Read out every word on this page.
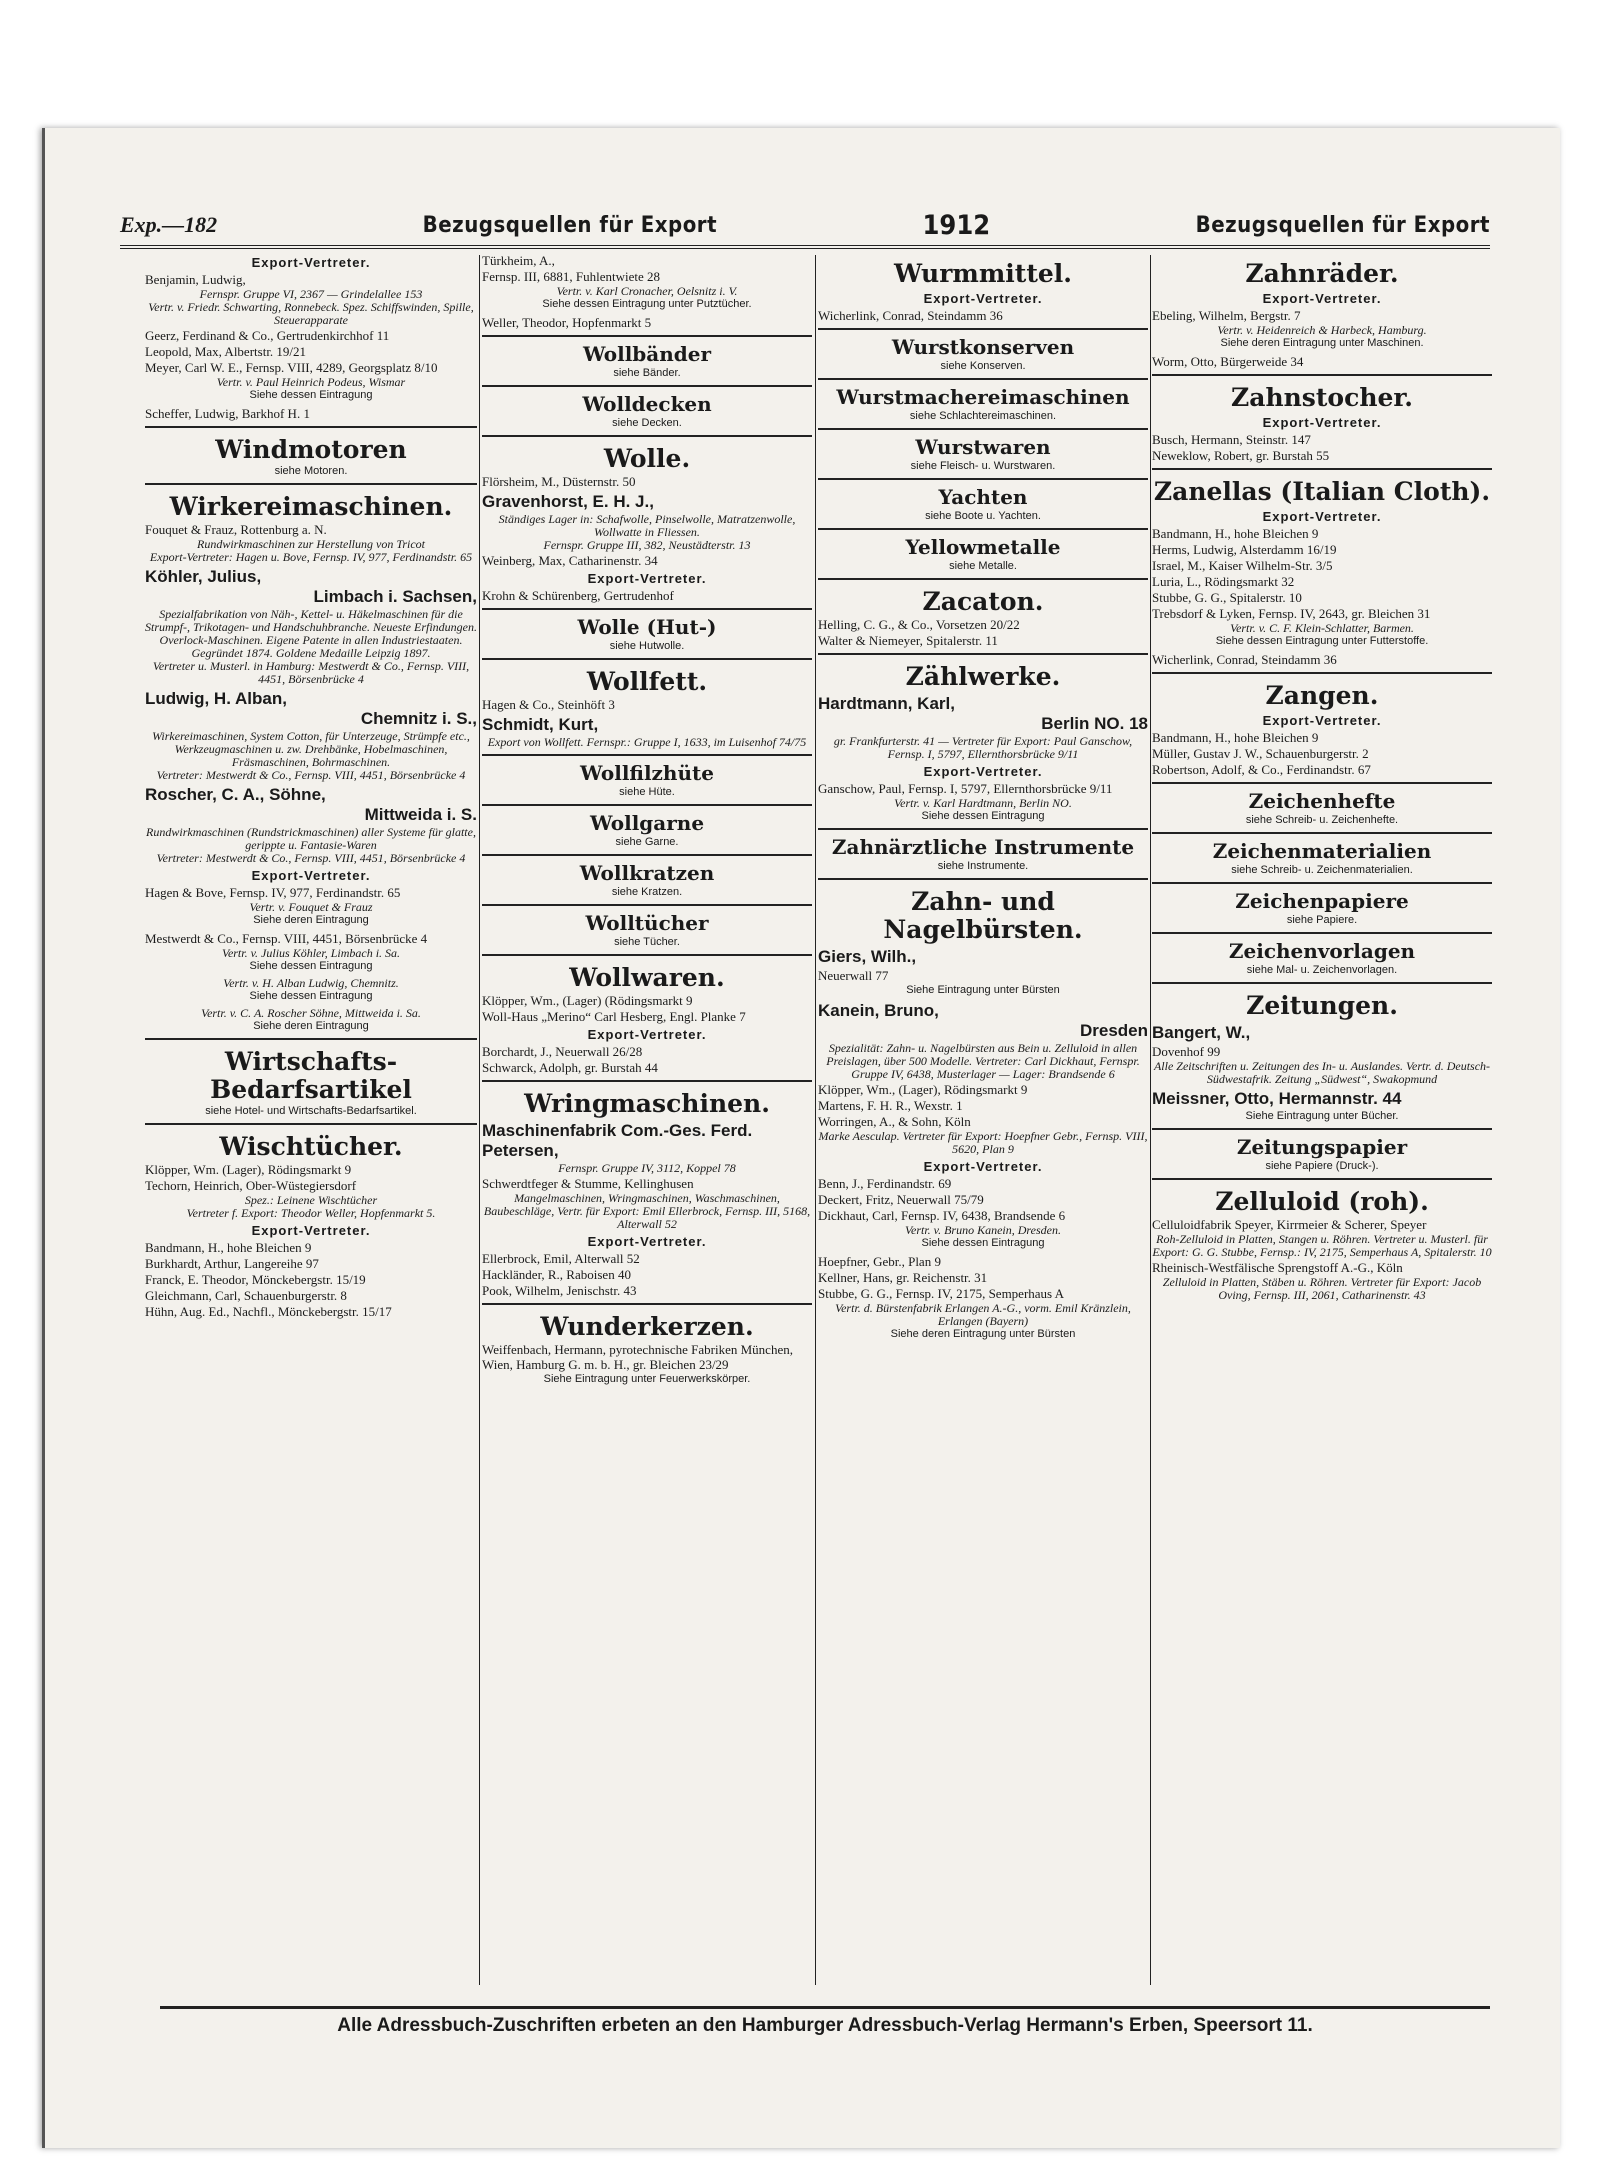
Exp.—182	Bezugsquellen für Export	1912	Bezugsquellen für Export
Export-Vertreter.
Benjamin, Ludwig,
Fernspr. Gruppe VI, 2367 — Grindelallee 153
Vertr. v. Friedr. Schwarting, Ronnebeck. Spez. Schiffswinden, Spille, Steuerapparate
Geerz, Ferdinand & Co., Gertrudenkirchhof 11
Leopold, Max, Albertstr. 19/21
Meyer, Carl W. E., Fernsp. VIII, 4289, Georgsplatz 8/10
Vertr. v. Paul Heinrich Podeus, Wismar
Siehe dessen Eintragung
Scheffer, Ludwig, Barkhof H. 1
Windmotoren
siehe Motoren.
Wirkereimaschinen.
Fouquet & Frauz, Rottenburg a. N.
Rundwirkmaschinen zur Herstellung von Tricot
Export-Vertreter: Hagen u. Bove, Fernsp. IV, 977, Ferdinandstr. 65
Köhler, Julius,
Limbach i. Sachsen,
Spezialfabrikation von Näh-, Kettel- u. Häkelmaschinen für die Strumpf-, Trikotagen- und Handschuhbranche. Neueste Erfindungen. Overlock-Maschinen. Eigene Patente in allen Industriestaaten. Gegründet 1874. Goldene Medaille Leipzig 1897.
Vertreter u. Musterl. in Hamburg: Mestwerdt & Co., Fernsp. VIII, 4451, Börsenbrücke 4
Ludwig, H. Alban,
Chemnitz i. S.,
Wirkereimaschinen, System Cotton, für Unterzeuge, Strümpfe etc., Werkzeugmaschinen u. zw. Drehbänke, Hobelmaschinen, Fräsmaschinen, Bohrmaschinen.
Vertreter: Mestwerdt & Co., Fernsp. VIII, 4451, Börsenbrücke 4
Roscher, C. A., Söhne,
Mittweida i. S.
Rundwirkmaschinen (Rundstrickmaschinen) aller Systeme für glatte, gerippte u. Fantasie-Waren
Vertreter: Mestwerdt & Co., Fernsp. VIII, 4451, Börsenbrücke 4
Export-Vertreter.
Hagen & Bove, Fernsp. IV, 977, Ferdinandstr. 65
Vertr. v. Fouquet & Frauz
Siehe deren Eintragung
Mestwerdt & Co., Fernsp. VIII, 4451, Börsenbrücke 4
Vertr. v. Julius Köhler, Limbach i. Sa.
Siehe dessen Eintragung
Vertr. v. H. Alban Ludwig, Chemnitz.
Siehe dessen Eintragung
Vertr. v. C. A. Roscher Söhne, Mittweida i. Sa.
Siehe deren Eintragung
Wirtschafts-Bedarfsartikel
siehe Hotel- und Wirtschafts-Bedarfsartikel.
Wischtücher.
Klöpper, Wm. (Lager), Rödingsmarkt 9
Techorn, Heinrich, Ober-Wüstegiersdorf
Spez.: Leinene Wischtücher
Vertreter f. Export: Theodor Weller, Hopfenmarkt 5.
Export-Vertreter.
Bandmann, H., hohe Bleichen 9
Burkhardt, Arthur, Langereihe 97
Franck, E. Theodor, Mönckebergstr. 15/19
Gleichmann, Carl, Schauenburgerstr. 8
Hühn, Aug. Ed., Nachfl., Mönckebergstr. 15/17
Türkheim, A.,
Fernsp. III, 6881, Fuhlentwiete 28
Vertr. v. Karl Cronacher, Oelsnitz i. V.
Siehe dessen Eintragung unter Putztücher.
Weller, Theodor, Hopfenmarkt 5
Wollbänder
siehe Bänder.
Wolldecken
siehe Decken.
Wolle.
Flörsheim, M., Düsternstr. 50
Gravenhorst, E. H. J.,
Ständiges Lager in: Schafwolle, Pinselwolle, Matratzenwolle, Wollwatte in Fliessen.
Fernspr. Gruppe III, 382, Neustädterstr. 13
Weinberg, Max, Catharinenstr. 34
Export-Vertreter.
Krohn & Schürenberg, Gertrudenhof
Wolle (Hut-)
siehe Hutwolle.
Wollfett.
Hagen & Co., Steinhöft 3
Schmidt, Kurt,
Export von Wollfett. Fernspr.: Gruppe I, 1633, im Luisenhof 74/75
Wollfilzhüte
siehe Hüte.
Wollgarne
siehe Garne.
Wollkratzen
siehe Kratzen.
Wolltücher
siehe Tücher.
Wollwaren.
Klöpper, Wm., (Lager) (Rödingsmarkt 9
Woll-Haus „Merino“ Carl Hesberg, Engl. Planke 7
Export-Vertreter.
Borchardt, J., Neuerwall 26/28
Schwarck, Adolph, gr. Burstah 44
Wringmaschinen.
Maschinenfabrik Com.-Ges. Ferd. Petersen,
Fernspr. Gruppe IV, 3112, Koppel 78
Schwerdtfeger & Stumme, Kellinghusen
Mangelmaschinen, Wringmaschinen, Waschmaschinen, Baubeschläge, Vertr. für Export: Emil Ellerbrock, Fernsp. III, 5168, Alterwall 52
Export-Vertreter.
Ellerbrock, Emil, Alterwall 52
Hackländer, R., Raboisen 40
Pook, Wilhelm, Jenischstr. 43
Wunderkerzen.
Weiffenbach, Hermann, pyrotechnische Fabriken München, Wien, Hamburg G. m. b. H., gr. Bleichen 23/29
Siehe Eintragung unter Feuerwerkskörper.
Wurmmittel.
Export-Vertreter.
Wicherlink, Conrad, Steindamm 36
Wurstkonserven
siehe Konserven.
Wurstmachereimaschinen
siehe Schlachtereimaschinen.
Wurstwaren
siehe Fleisch- u. Wurstwaren.
Yachten
siehe Boote u. Yachten.
Yellowmetalle
siehe Metalle.
Zacaton.
Helling, C. G., & Co., Vorsetzen 20/22
Walter & Niemeyer, Spitalerstr. 11
Zählwerke.
Hardtmann, Karl,
Berlin NO. 18
gr. Frankfurterstr. 41 — Vertreter für Export: Paul Ganschow, Fernsp. I, 5797, Ellernthorsbrücke 9/11
Export-Vertreter.
Ganschow, Paul, Fernsp. I, 5797, Ellernthorsbrücke 9/11
Vertr. v. Karl Hardtmann, Berlin NO.
Siehe dessen Eintragung
Zahnärztliche Instrumente
siehe Instrumente.
Zahn- und Nagelbürsten.
Giers, Wilh.,
Neuerwall 77
Siehe Eintragung unter Bürsten
Kanein, Bruno,
Dresden
Spezialität: Zahn- u. Nagelbürsten aus Bein u. Zelluloid in allen Preislagen, über 500 Modelle. Vertreter: Carl Dickhaut, Fernspr. Gruppe IV, 6438, Musterlager — Lager: Brandsende 6
Klöpper, Wm., (Lager), Rödingsmarkt 9
Martens, F. H. R., Wexstr. 1
Worringen, A., & Sohn, Köln
Marke Aesculap. Vertreter für Export: Hoepfner Gebr., Fernsp. VIII, 5620, Plan 9
Export-Vertreter.
Benn, J., Ferdinandstr. 69
Deckert, Fritz, Neuerwall 75/79
Dickhaut, Carl, Fernsp. IV, 6438, Brandsende 6
Vertr. v. Bruno Kanein, Dresden.
Siehe dessen Eintragung
Hoepfner, Gebr., Plan 9
Kellner, Hans, gr. Reichenstr. 31
Stubbe, G. G., Fernsp. IV, 2175, Semperhaus A
Vertr. d. Bürstenfabrik Erlangen A.-G., vorm. Emil Kränzlein, Erlangen (Bayern)
Siehe deren Eintragung unter Bürsten
Zahnräder.
Export-Vertreter.
Ebeling, Wilhelm, Bergstr. 7
Vertr. v. Heidenreich & Harbeck, Hamburg.
Siehe deren Eintragung unter Maschinen.
Worm, Otto, Bürgerweide 34
Zahnstocher.
Export-Vertreter.
Busch, Hermann, Steinstr. 147
Neweklow, Robert, gr. Burstah 55
Zanellas (Italian Cloth).
Export-Vertreter.
Bandmann, H., hohe Bleichen 9
Herms, Ludwig, Alsterdamm 16/19
Israel, M., Kaiser Wilhelm-Str. 3/5
Luria, L., Rödingsmarkt 32
Stubbe, G. G., Spitalerstr. 10
Trebsdorf & Lyken, Fernsp. IV, 2643, gr. Bleichen 31
Vertr. v. C. F. Klein-Schlatter, Barmen.
Siehe dessen Eintragung unter Futterstoffe.
Wicherlink, Conrad, Steindamm 36
Zangen.
Export-Vertreter.
Bandmann, H., hohe Bleichen 9
Müller, Gustav J. W., Schauenburgerstr. 2
Robertson, Adolf, & Co., Ferdinandstr. 67
Zeichenhefte
siehe Schreib- u. Zeichenhefte.
Zeichenmaterialien
siehe Schreib- u. Zeichenmaterialien.
Zeichenpapiere
siehe Papiere.
Zeichenvorlagen
siehe Mal- u. Zeichenvorlagen.
Zeitungen.
Bangert, W.,
Dovenhof 99
Alle Zeitschriften u. Zeitungen des In- u. Auslandes. Vertr. d. Deutsch-Südwestafrik. Zeitung „Südwest“, Swakopmund
Meissner, Otto, Hermannstr. 44
Siehe Eintragung unter Bücher.
Zeitungspapier
siehe Papiere (Druck-).
Zelluloid (roh).
Celluloidfabrik Speyer, Kirrmeier & Scherer, Speyer
Roh-Zelluloid in Platten, Stangen u. Röhren. Vertreter u. Musterl. für Export: G. G. Stubbe, Fernsp.: IV, 2175, Semperhaus A, Spitalerstr. 10
Rheinisch-Westfälische Sprengstoff A.-G., Köln
Zelluloid in Platten, Stäben u. Röhren. Vertreter für Export: Jacob Oving, Fernsp. III, 2061, Catharinenstr. 43
Alle Adressbuch-Zuschriften erbeten an den Hamburger Adressbuch-Verlag Hermann's Erben, Speersort 11.
